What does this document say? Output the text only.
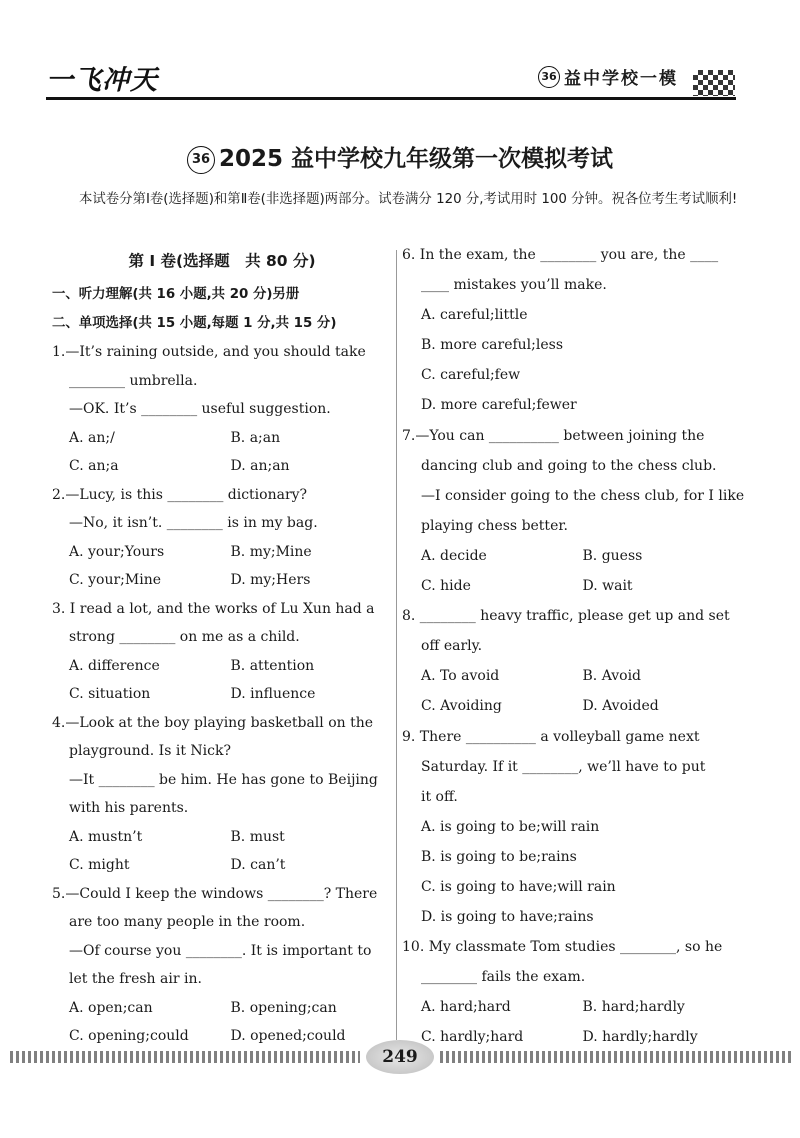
一飞冲天	36 益中学校一模
36 2025 益中学校九年级第一次模拟考试
本试卷分第Ⅰ卷(选择题)和第Ⅱ卷(非选择题)两部分。试卷满分 120 分,考试用时 100 分钟。祝各位考生考试顺利!
第 Ⅰ 卷(选择题　共 80 分)
一、听力理解(共 16 小题,共 20 分)另册
二、单项选择(共 15 小题,每题 1 分,共 15 分)
1.—It’s raining outside, and you should take
________ umbrella.
—OK. It’s ________ useful suggestion.
A. an;/	B. a;an
C. an;a	D. an;an
2.—Lucy, is this ________ dictionary?
—No, it isn’t. ________ is in my bag.
A. your;Yours	B. my;Mine
C. your;Mine	D. my;Hers
3. I read a lot, and the works of Lu Xun had a
strong ________ on me as a child.
A. difference	B. attention
C. situation	D. influence
4.—Look at the boy playing basketball on the
playground. Is it Nick?
—It ________ be him. He has gone to Beijing
with his parents.
A. mustn’t	B. must
C. might	D. can’t
5.—Could I keep the windows ________? There
are too many people in the room.
—Of course you ________. It is important to
let the fresh air in.
A. open;can	B. opening;can
C. opening;could	D. opened;could
6. In the exam, the ________ you are, the ____
____ mistakes you’ll make.
A. careful;little
B. more careful;less
C. careful;few
D. more careful;fewer
7.—You can __________ between joining the
dancing club and going to the chess club.
—I consider going to the chess club, for I like
playing chess better.
A. decide	B. guess
C. hide	D. wait
8. ________ heavy traffic, please get up and set
off early.
A. To avoid	B. Avoid
C. Avoiding	D. Avoided
9. There __________ a volleyball game next
Saturday. If it ________, we’ll have to put
it off.
A. is going to be;will rain
B. is going to be;rains
C. is going to have;will rain
D. is going to have;rains
10. My classmate Tom studies ________, so he
________ fails the exam.
A. hard;hard	B. hard;hardly
C. hardly;hard	D. hardly;hardly
249
